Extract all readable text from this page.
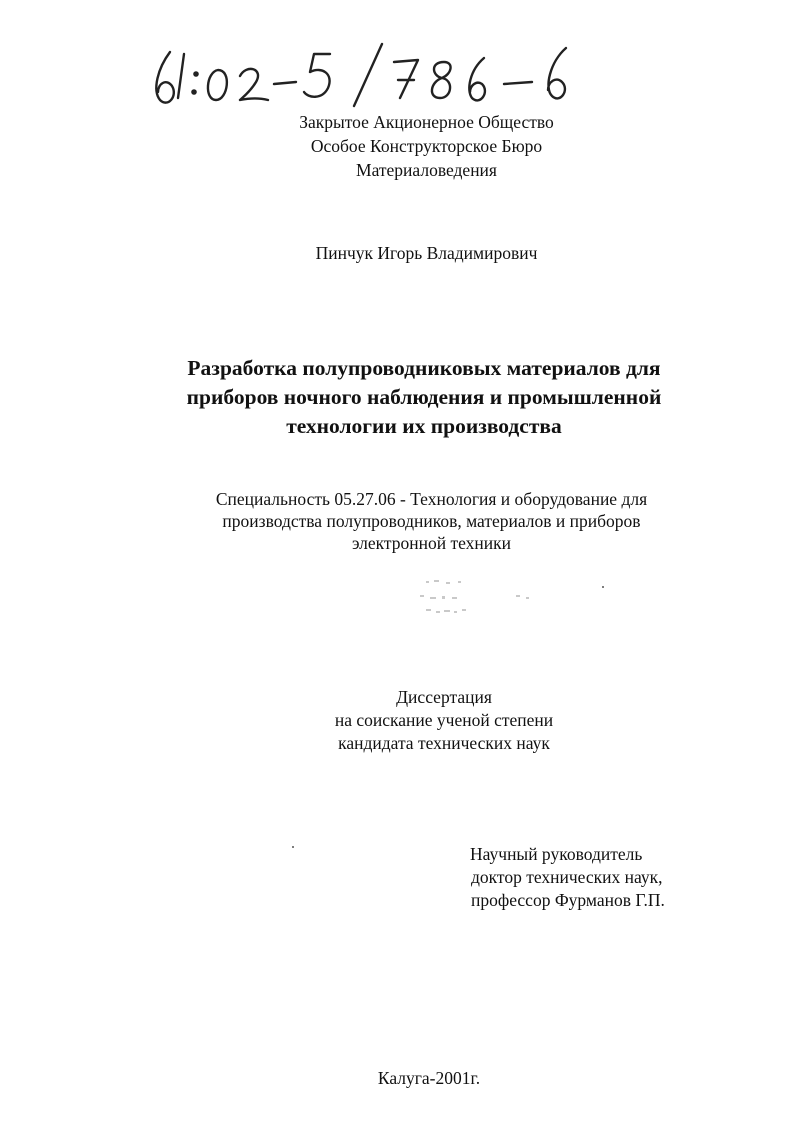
Закрытое Акционерное Общество
Особое Конструкторское Бюро
Материаловедения
Пинчук Игорь Владимирович
Разработка полупроводниковых материалов для
приборов ночного наблюдения и промышленной
технологии их производства
Специальность 05.27.06 - Технология и оборудование для
производства полупроводников, материалов и приборов
электронной техники
Диссертация
на соискание ученой степени
кандидата технических наук
Научный руководитель
доктор технических наук,
профессор Фурманов Г.П.
Калуга-2001г.
